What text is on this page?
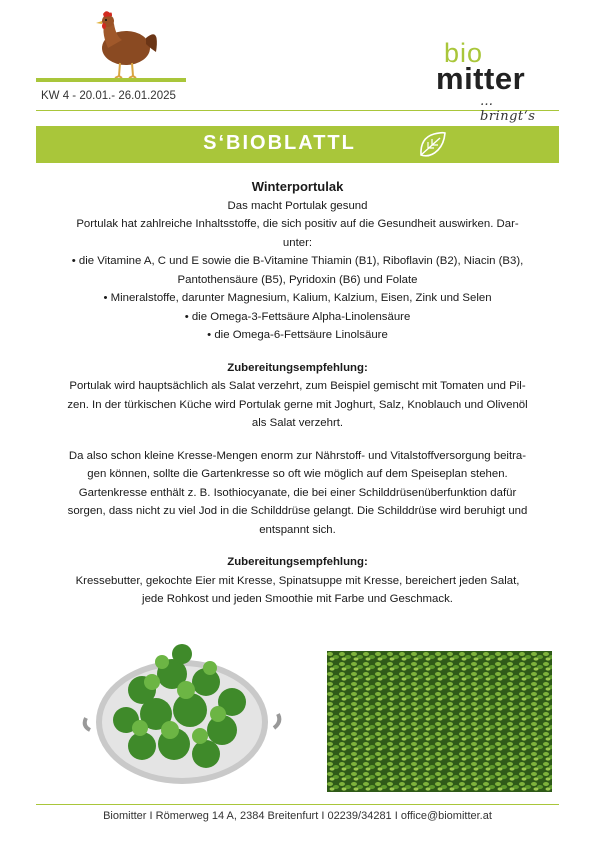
KW 4 - 20.01.- 26.01.2025
bio
mitter
…bringt‘s
S‘BIOBLATTL

Winterportulak

Das macht Portulak gesund

Portulak hat zahlreiche Inhaltsstoffe, die sich positiv auf die Gesundheit auswirken. Dar-

unter:

• die Vitamine A, C und E sowie die B-Vitamine Thiamin (B1), Riboflavin (B2), Niacin (B3),

Pantothensäure (B5), Pyridoxin (B6) und Folate

• Mineralstoffe, darunter Magnesium, Kalium, Kalzium, Eisen, Zink und Selen

• die Omega-3-Fettsäure Alpha-Linolensäure

• die Omega-6-Fettsäure Linolsäure

Zubereitungsempfehlung:

Portulak wird hauptsächlich als Salat verzehrt, zum Beispiel gemischt mit Tomaten und Pil-

zen. In der türkischen Küche wird Portulak gerne mit Joghurt, Salz, Knoblauch und Olivenöl

als Salat verzehrt.

Da also schon kleine Kresse-Mengen enorm zur Nährstoff- und Vitalstoffversorgung beitra-

gen können, sollte die Gartenkresse so oft wie möglich auf dem Speiseplan stehen.

Gartenkresse enthält z. B. Isothiocyanate, die bei einer Schilddrüsenüberfunktion dafür

sorgen, dass nicht zu viel Jod in die Schilddrüse gelangt. Die Schilddrüse wird beruhigt und

entspannt sich.

Zubereitungsempfehlung:

Kressebutter, gekochte Eier mit Kresse, Spinatsuppe mit Kresse, bereichert jeden Salat,

jede Rohkost und jeden Smoothie mit Farbe und Geschmack.

Biomitter I Römerweg 14 A, 2384 Breitenfurt I 02239/34281 I office@biomitter.at
